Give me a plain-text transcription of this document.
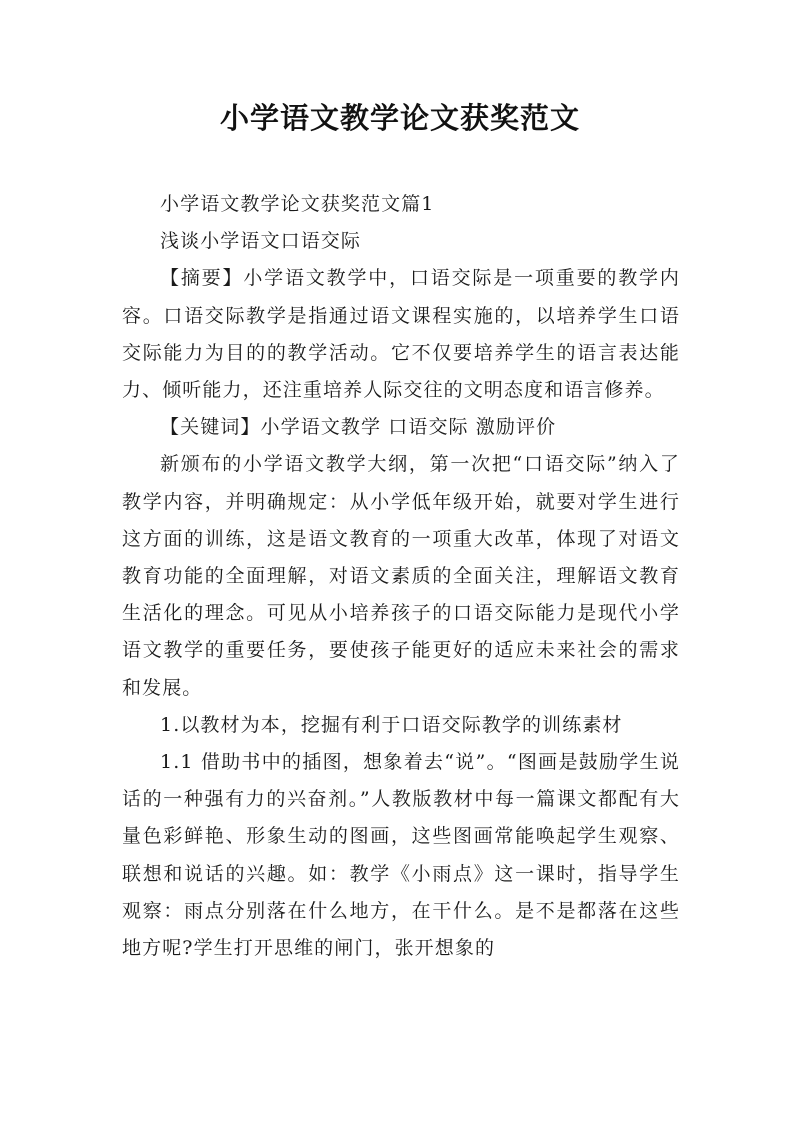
小学语文教学论文获奖范文

小学语文教学论文获奖范文篇1

浅谈小学语文口语交际

【摘要】小学语文教学中，口语交际是一项重要的教学内容。口语交际教学是指通过语文课程实施的，以培养学生口语交际能力为目的的教学活动。它不仅要培养学生的语言表达能力、倾听能力，还注重培养人际交往的文明态度和语言修养。

【关键词】小学语文教学 口语交际 激励评价

新颁布的小学语文教学大纲，第一次把“口语交际”纳入了教学内容，并明确规定：从小学低年级开始，就要对学生进行这方面的训练，这是语文教育的一项重大改革，体现了对语文教育功能的全面理解，对语文素质的全面关注，理解语文教育生活化的理念。可见从小培养孩子的口语交际能力是现代小学语文教学的重要任务，要使孩子能更好的适应未来社会的需求和发展。

1.以教材为本，挖掘有利于口语交际教学的训练素材

1.1 借助书中的插图，想象着去“说”。“图画是鼓励学生说话的一种强有力的兴奋剂。”人教版教材中每一篇课文都配有大量色彩鲜艳、形象生动的图画，这些图画常能唤起学生观察、联想和说话的兴趣。如：教学《小雨点》这一课时，指导学生观察：雨点分别落在什么地方，在干什么。是不是都落在这些地方呢?学生打开思维的闸门，张开想象的
